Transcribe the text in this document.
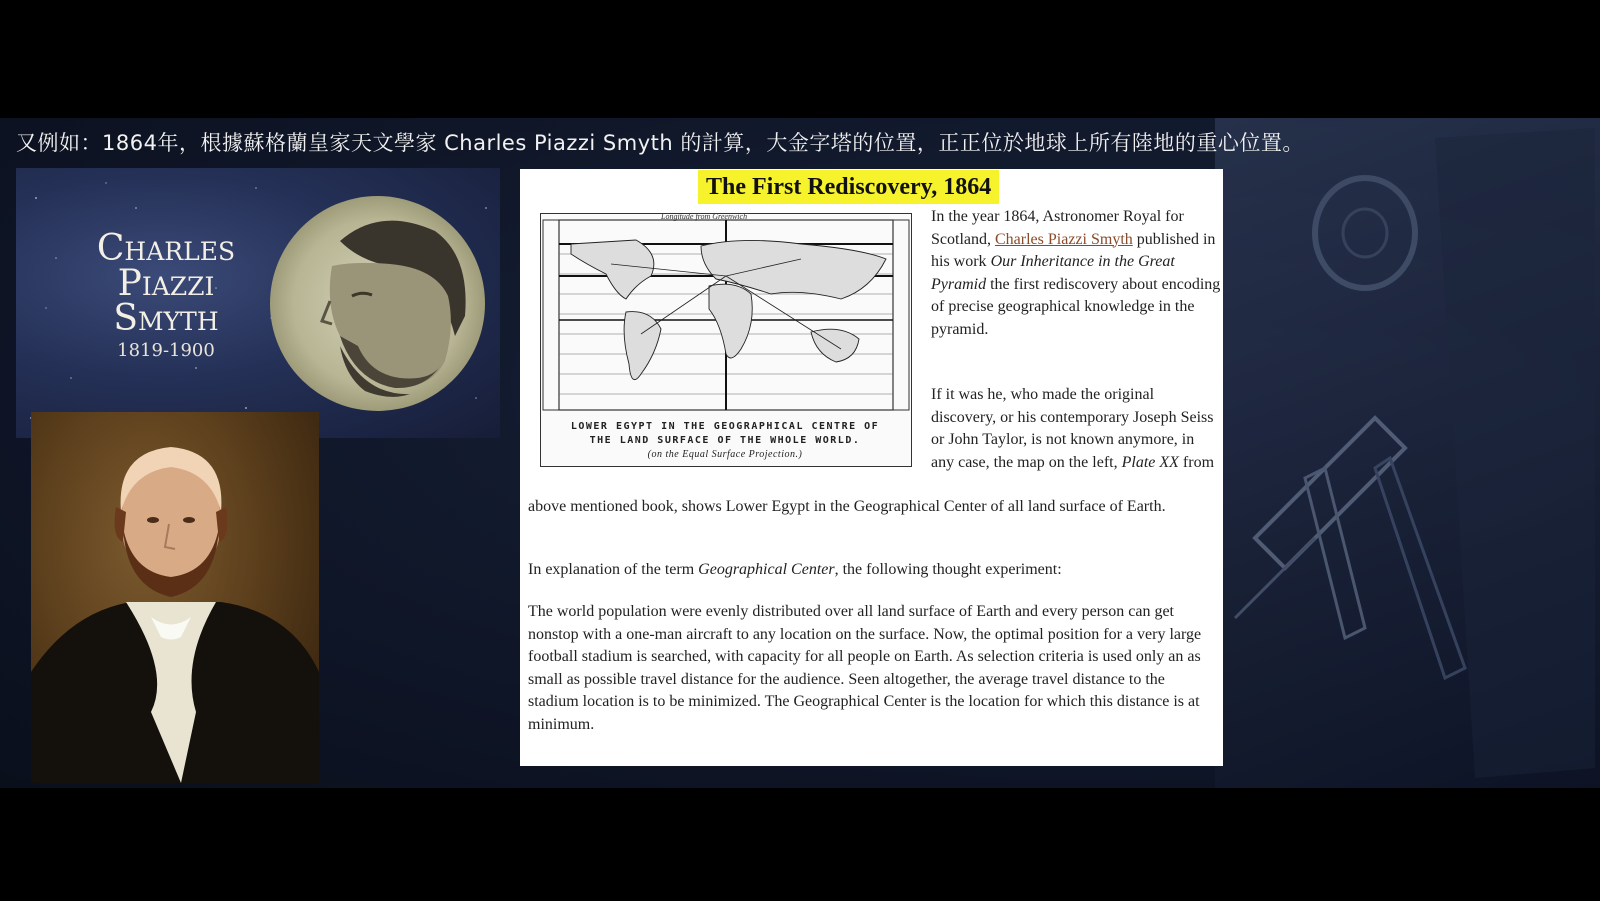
又例如：1864年，根據蘇格蘭皇家天文學家 Charles Piazzi Smyth 的計算，大金字塔的位置，正正位於地球上所有陸地的重心位置。
Charles
Piazzi
Smyth
1819-1900
The First Rediscovery, 1864
Longitude from Greenwich
LOWER EGYPT IN THE GEOGRAPHICAL CENTRE OF
THE LAND SURFACE OF THE WHOLE WORLD.
(on the Equal Surface Projection.)

In the year 1864, Astronomer Royal for Scotland, Charles Piazzi Smyth published in his work Our Inheritance in the Great Pyramid the first rediscovery about encoding of precise geographical knowledge in the pyramid.

If it was he, who made the original discovery, or his contemporary Joseph Seiss or John Taylor, is not known anymore, in any case, the map on the left, Plate XX from

above mentioned book, shows Lower Egypt in the Geographical Center of all land surface of Earth.

In explanation of the term Geographical Center, the following thought experiment:

The world population were evenly distributed over all land surface of Earth and every person can get nonstop with a one-man aircraft to any location on the surface. Now, the optimal position for a very large football stadium is searched, with capacity for all people on Earth. As selection criteria is used only an as small as possible travel distance for the audience. Seen altogether, the average travel distance to the stadium location is to be minimized. The Geographical Center is the location for which this distance is at minimum.
